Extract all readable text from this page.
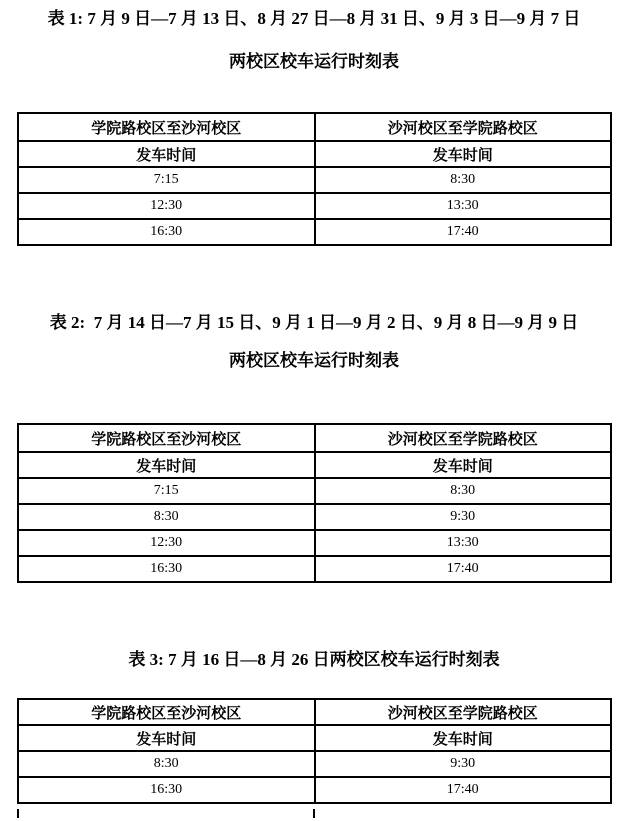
表 1: 7 月 9 日—7 月 13 日、8 月 27 日—8 月 31 日、9 月 3 日—9 月 7 日
两校区校车运行时刻表
学院路校区至沙河校区	沙河校区至学院路校区
发车时间	发车时间
7:15	8:30
12:30	13:30
16:30	17:40
表 2:  7 月 14 日—7 月 15 日、9 月 1 日—9 月 2 日、9 月 8 日—9 月 9 日
两校区校车运行时刻表
学院路校区至沙河校区	沙河校区至学院路校区
发车时间	发车时间
7:15	8:30
8:30	9:30
12:30	13:30
16:30	17:40
表 3: 7 月 16 日—8 月 26 日两校区校车运行时刻表
学院路校区至沙河校区	沙河校区至学院路校区
发车时间	发车时间
8:30	9:30
16:30	17:40
